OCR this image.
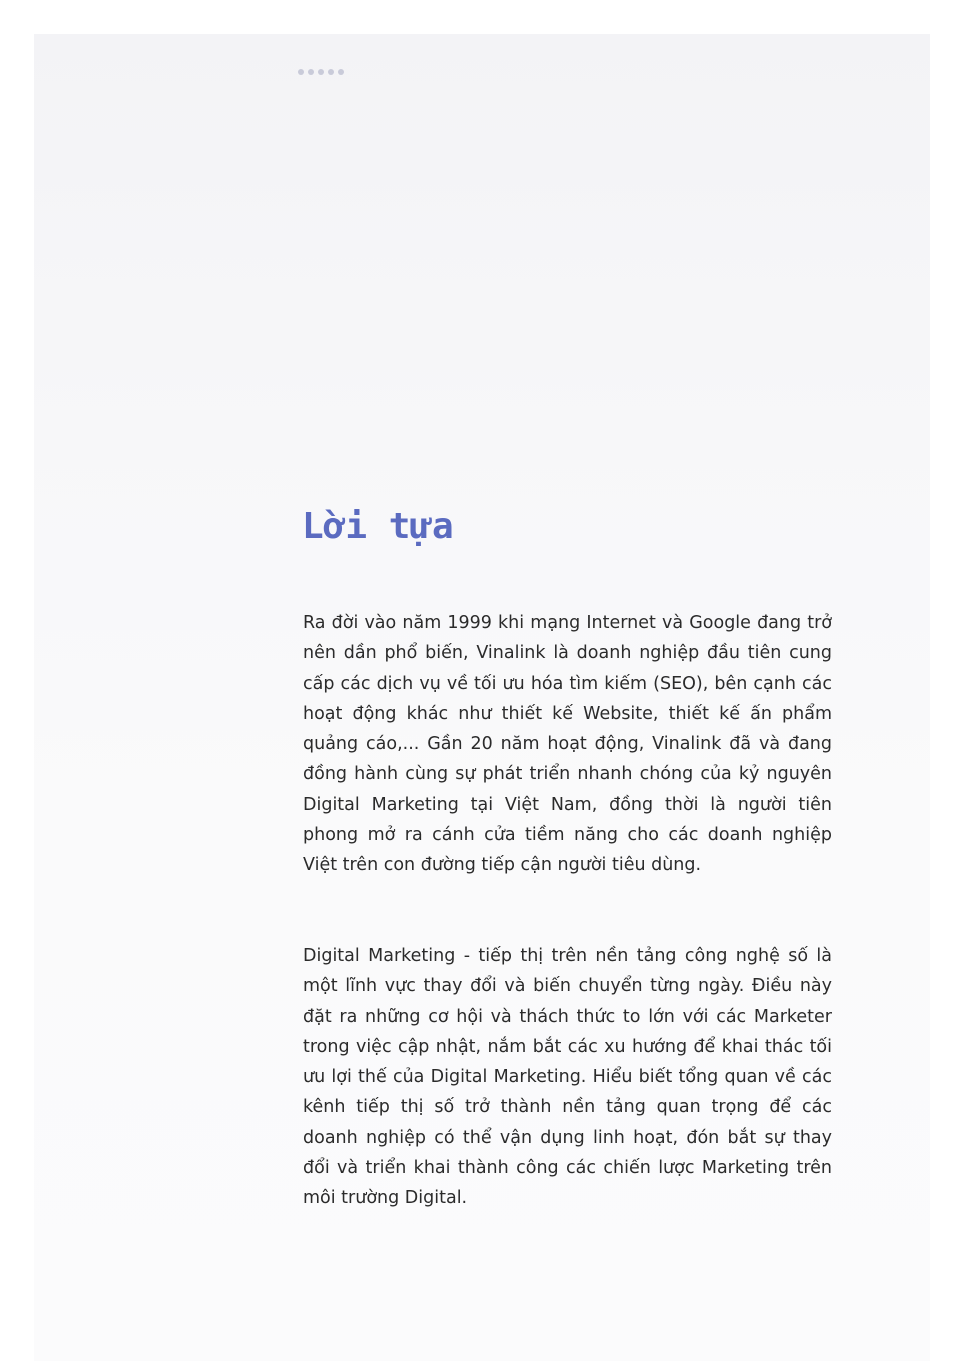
Lời tựa

Ra đời vào năm 1999 khi mạng Internet và Google đang trở nên dần phổ biến, Vinalink là doanh nghiệp đầu tiên cung cấp các dịch vụ về tối ưu hóa tìm kiếm (SEO), bên cạnh các hoạt động khác như thiết kế Website, thiết kế ấn phẩm quảng cáo,... Gần 20 năm hoạt động, Vinalink đã và đang đồng hành cùng sự phát triển nhanh chóng của kỷ nguyên Digital Marketing tại Việt Nam, đồng thời là người tiên phong mở ra cánh cửa tiềm năng cho các doanh nghiệp Việt trên con đường tiếp cận người tiêu dùng.

Digital Marketing - tiếp thị trên nền tảng công nghệ số là một lĩnh vực thay đổi và biến chuyển từng ngày. Điều này đặt ra những cơ hội và thách thức to lớn với các Marketer trong việc cập nhật, nắm bắt các xu hướng để khai thác tối ưu lợi thế của Digital Marketing. Hiểu biết tổng quan về các kênh tiếp thị số trở thành nền tảng quan trọng để các doanh nghiệp có thể vận dụng linh hoạt, đón bắt sự thay đổi và triển khai thành công các chiến lược Marketing trên môi trường Digital.
